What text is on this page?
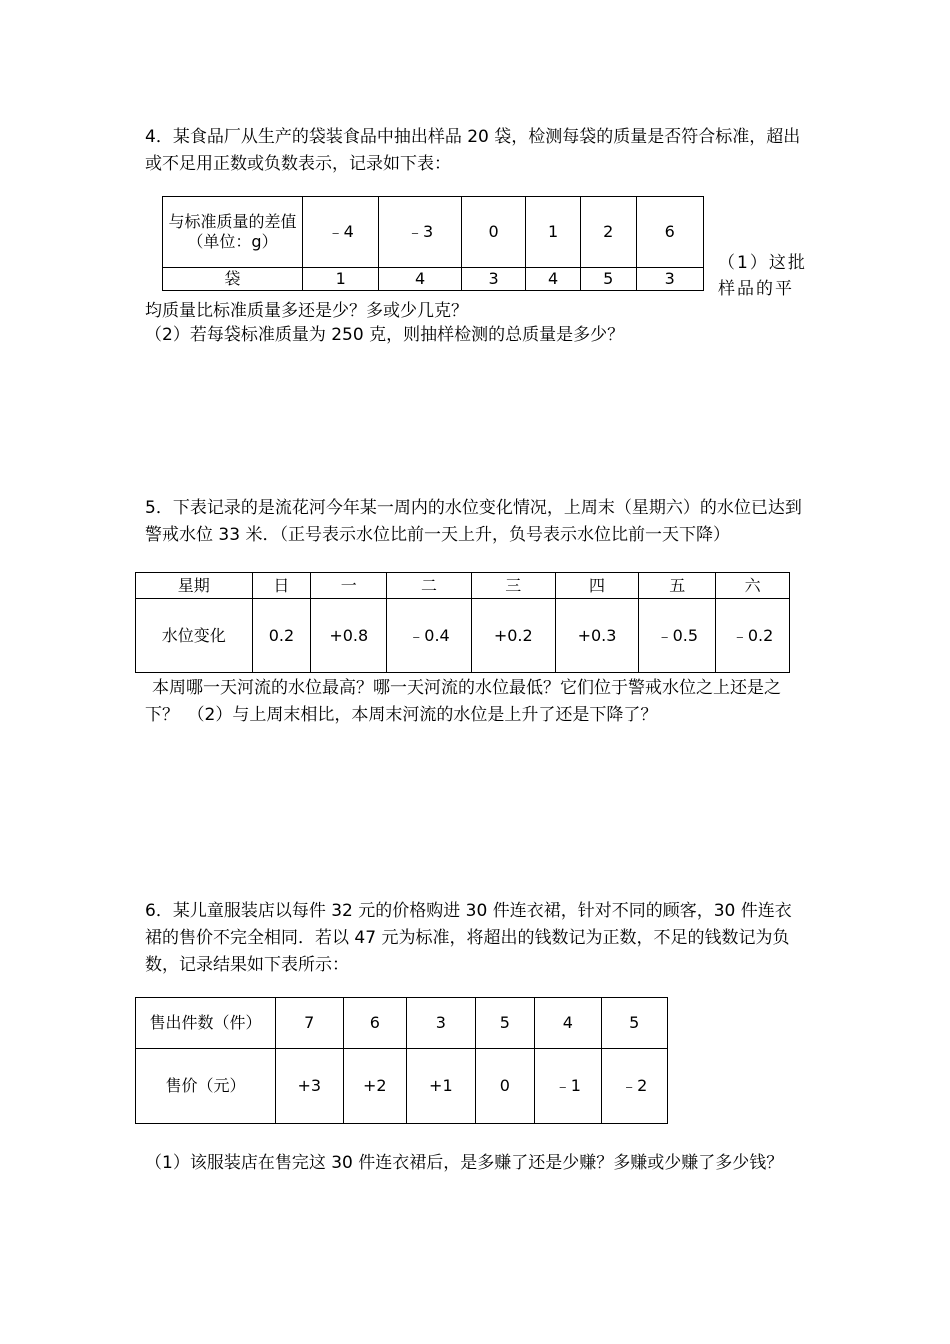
4．某食品厂从生产的袋装食品中抽出样品 20 袋，检测每袋的质量是否符合标准，超出或不足用正数或负数表示，记录如下表：
与标准质量的差值（单位：g）	﹣4	﹣3	0	1	2	6
袋	1	4	3	4	5	3
（1）这批样品的平
均质量比标准质量多还是少？多或少几克？
（2）若每袋标准质量为 250 克，则抽样检测的总质量是多少？
5．下表记录的是流花河今年某一周内的水位变化情况，上周末（星期六）的水位已达到警戒水位 33 米．（正号表示水位比前一天上升，负号表示水位比前一天下降）
星期	日	一	二	三	四	五	六
水位变化	0.2	+0.8	﹣0.4	+0.2	+0.3	﹣0.5	﹣0.2
本周哪一天河流的水位最高？哪一天河流的水位最低？它们位于警戒水位之上还是之下？　（2）与上周末相比，本周末河流的水位是上升了还是下降了？
6．某儿童服装店以每件 32 元的价格购进 30 件连衣裙，针对不同的顾客，30 件连衣裙的售价不完全相同．若以 47 元为标准，将超出的钱数记为正数，不足的钱数记为负数，记录结果如下表所示：
售出件数（件）	7	6	3	5	4	5
售价（元）	+3	+2	+1	0	﹣1	﹣2
（1）该服装店在售完这 30 件连衣裙后，是多赚了还是少赚？多赚或少赚了多少钱？
